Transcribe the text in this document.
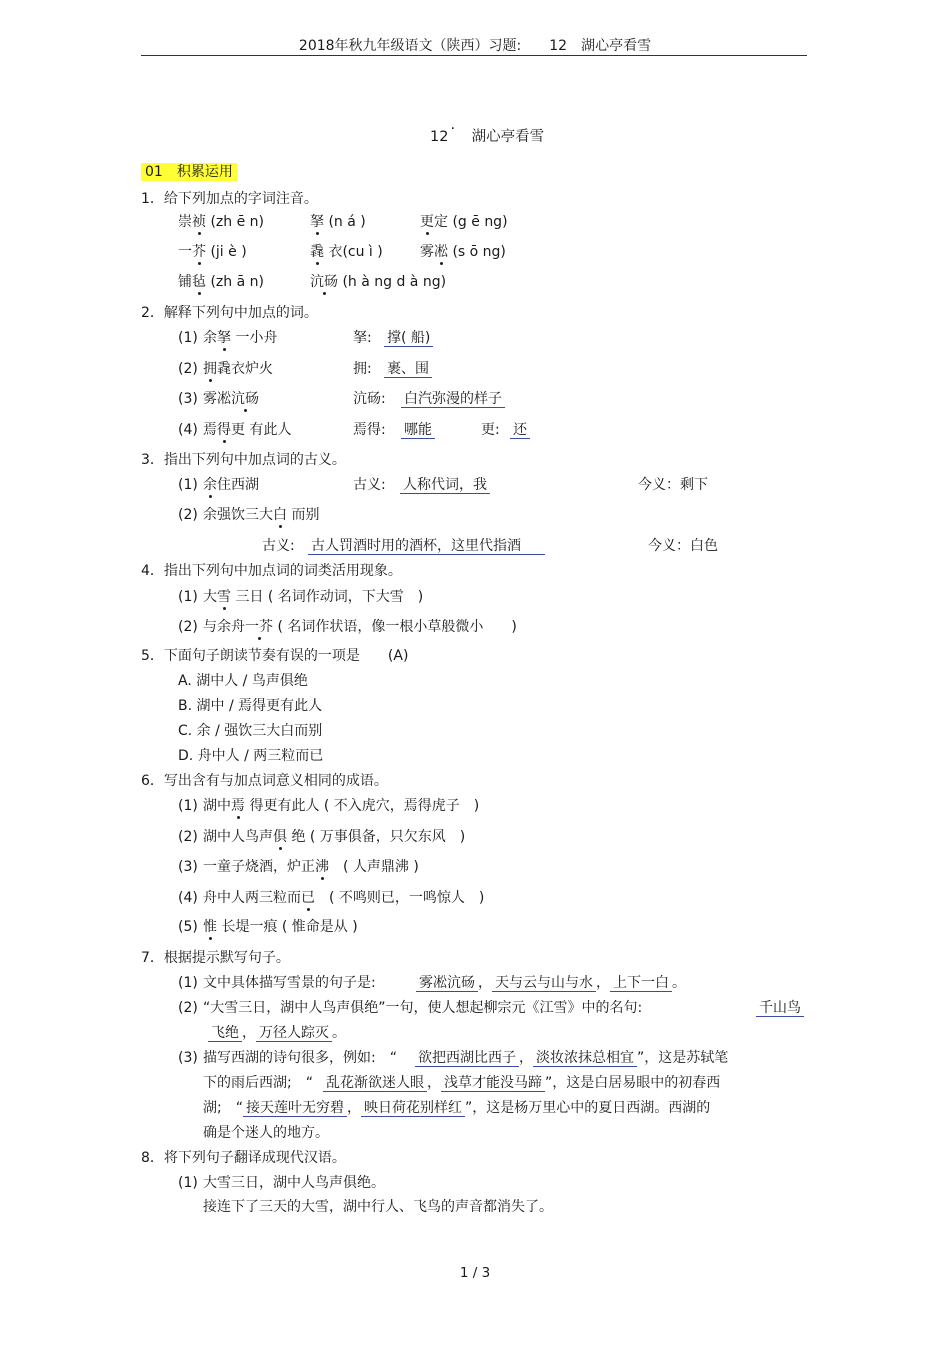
2018年秋九年级语文（陕西）习题:　　12　湖心亭看雪
12 · 湖心亭看雪
01　积累运用
1．给下列加点的字词注音。
崇祯 (zh ē n)	拏 (n á )	更定 (g ē ng)
一芥 (ji è )	毳 衣(cu ì )	雾凇 (s ō ng)
铺毡 (zh ā n)	沆砀 (h à ng d à ng)
2．解释下列句中加点的词。
(1) 余拏 一小舟	拏: 撑( 船)
(2) 拥毳衣炉火	拥: 裹、围
(3) 雾凇沆砀	沆砀: 白汽弥漫的样子
(4) 焉得更 有此人	焉得: 哪能	更: 还
3．指出下列句中加点词的古义。
(1) 余住西湖	古义: 人称代词，我	今义：剩下
(2) 余强饮三大白 而别
古义: 古人罚酒时用的酒杯，这里代指酒	今义：白色
4．指出下列句中加点词的词类活用现象。
(1) 大雪 三日 ( 名词作动词，下大雪　)
(2) 与余舟一芥 ( 名词作状语，像一根小草般微小　　)
5．下面句子朗读节奏有误的一项是　　(A)
A. 湖中人 / 鸟声俱绝
B. 湖中 / 焉得更有此人
C. 余 / 强饮三大白而别
D. 舟中人 / 两三粒而已
6．写出含有与加点词意义相同的成语。
(1) 湖中焉 得更有此人 ( 不入虎穴，焉得虎子　)
(2) 湖中人鸟声俱 绝 ( 万事俱备，只欠东风　)
(3) 一童子烧酒，炉正沸　( 人声鼎沸 )
(4) 舟中人两三粒而已　( 不鸣则已，一鸣惊人　)
(5) 惟 长堤一痕 ( 惟命是从 )
7．根据提示默写句子。
(1) 文中具体描写雪景的句子是:	雾凇沆砀 ， 天与云与山与水 ， 上下一白 。
(2) “大雪三日，湖中人鸟声俱绝”一句，使人想起柳宗元《江雪》中的名句:	千山鸟
飞绝 ， 万径人踪灭 。
(3) 描写西湖的诗句很多，例如:　“ 欲把西湖比西子 ， 淡妆浓抹总相宜 ”，这是苏轼笔
下的雨后西湖;　“ 乱花渐欲迷人眼 ， 浅草才能没马蹄 ”，这是白居易眼中的初春西
湖;　“ 接天莲叶无穷碧 ， 映日荷花别样红 ”，这是杨万里心中的夏日西湖。西湖的
确是个迷人的地方。
8．将下列句子翻译成现代汉语。
(1) 大雪三日，湖中人鸟声俱绝。
接连下了三天的大雪，湖中行人、飞鸟的声音都消失了。
1 / 3
